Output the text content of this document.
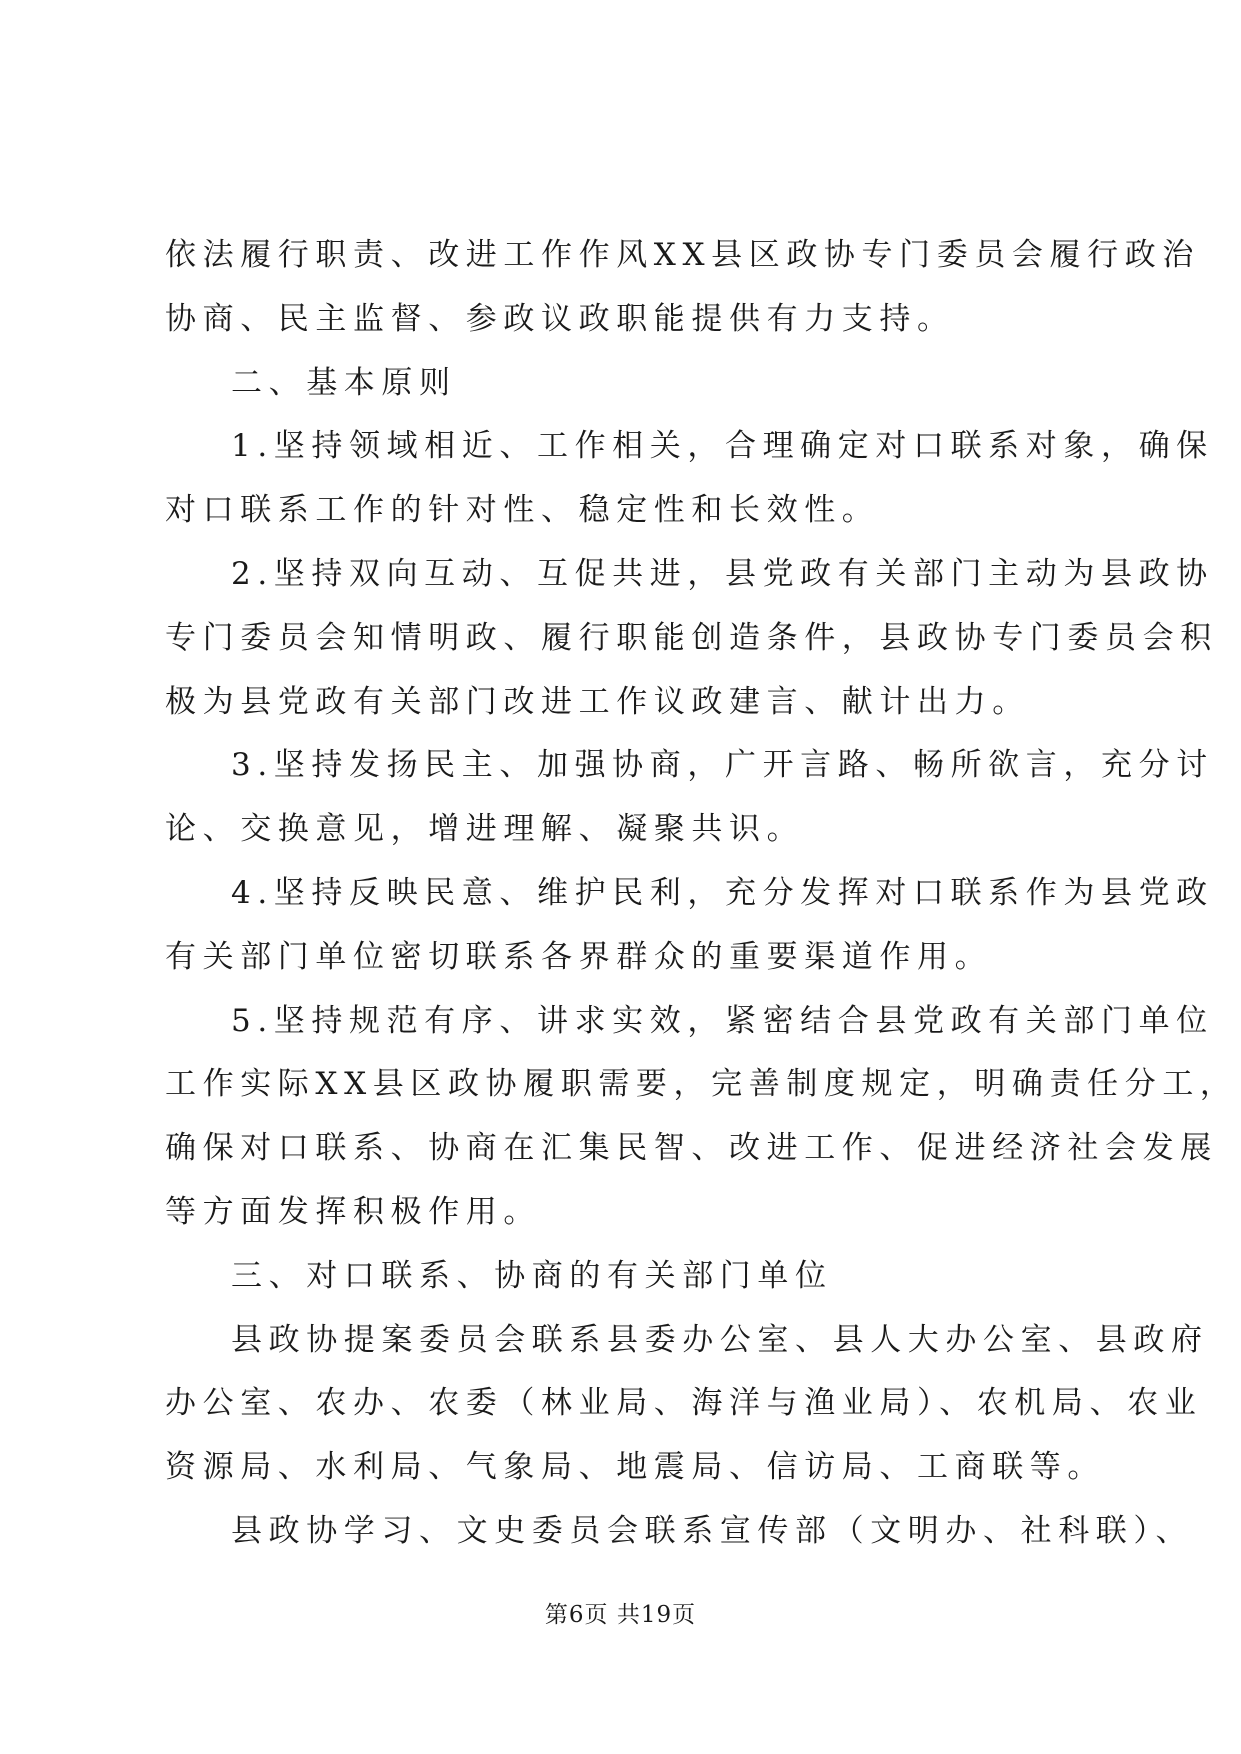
依法履行职责、改进工作作风XX县区政协专门委员会履行政治
协商、民主监督、参政议政职能提供有力支持。
二、基本原则
1.坚持领域相近、工作相关，合理确定对口联系对象，确保
对口联系工作的针对性、稳定性和长效性。
2.坚持双向互动、互促共进，县党政有关部门主动为县政协
专门委员会知情明政、履行职能创造条件，县政协专门委员会积
极为县党政有关部门改进工作议政建言、献计出力。
3.坚持发扬民主、加强协商，广开言路、畅所欲言，充分讨
论、交换意见，增进理解、凝聚共识。
4.坚持反映民意、维护民利，充分发挥对口联系作为县党政
有关部门单位密切联系各界群众的重要渠道作用。
5.坚持规范有序、讲求实效，紧密结合县党政有关部门单位
工作实际XX县区政协履职需要，完善制度规定，明确责任分工，
确保对口联系、协商在汇集民智、改进工作、促进经济社会发展
等方面发挥积极作用。
三、对口联系、协商的有关部门单位
县政协提案委员会联系县委办公室、县人大办公室、县政府
办公室、农办、农委（林业局、海洋与渔业局）、农机局、农业
资源局、水利局、气象局、地震局、信访局、工商联等。
县政协学习、文史委员会联系宣传部（文明办、社科联）、
第6页 共19页
